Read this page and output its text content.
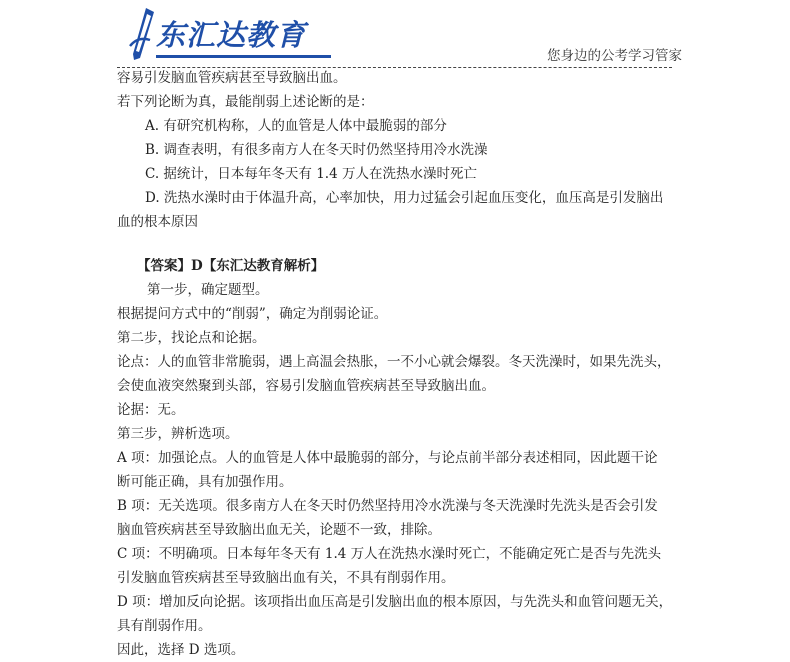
东汇达教育
您身边的公考学习管家
容易引发脑血管疾病甚至导致脑出血。
若下列论断为真，最能削弱上述论断的是：
A. 有研究机构称，人的血管是人体中最脆弱的部分
B. 调查表明，有很多南方人在冬天时仍然坚持用冷水洗澡
C. 据统计，日本每年冬天有 1.4 万人在洗热水澡时死亡
D. 洗热水澡时由于体温升高，心率加快，用力过猛会引起血压变化，血压高是引发脑出
血的根本原因
【答案】D【东汇达教育解析】
第一步，确定题型。
根据提问方式中的“削弱”，确定为削弱论证。
第二步，找论点和论据。
论点：人的血管非常脆弱，遇上高温会热胀，一不小心就会爆裂。冬天洗澡时，如果先洗头，
会使血液突然聚到头部，容易引发脑血管疾病甚至导致脑出血。
论据：无。
第三步，辨析选项。
A 项：加强论点。人的血管是人体中最脆弱的部分，与论点前半部分表述相同，因此题干论
断可能正确，具有加强作用。
B 项：无关选项。很多南方人在冬天时仍然坚持用冷水洗澡与冬天洗澡时先洗头是否会引发
脑血管疾病甚至导致脑出血无关，论题不一致，排除。
C 项：不明确项。日本每年冬天有 1.4 万人在洗热水澡时死亡，不能确定死亡是否与先洗头
引发脑血管疾病甚至导致脑出血有关，不具有削弱作用。
D 项：增加反向论据。该项指出血压高是引发脑出血的根本原因，与先洗头和血管问题无关，
具有削弱作用。
因此，选择 D 选项。
